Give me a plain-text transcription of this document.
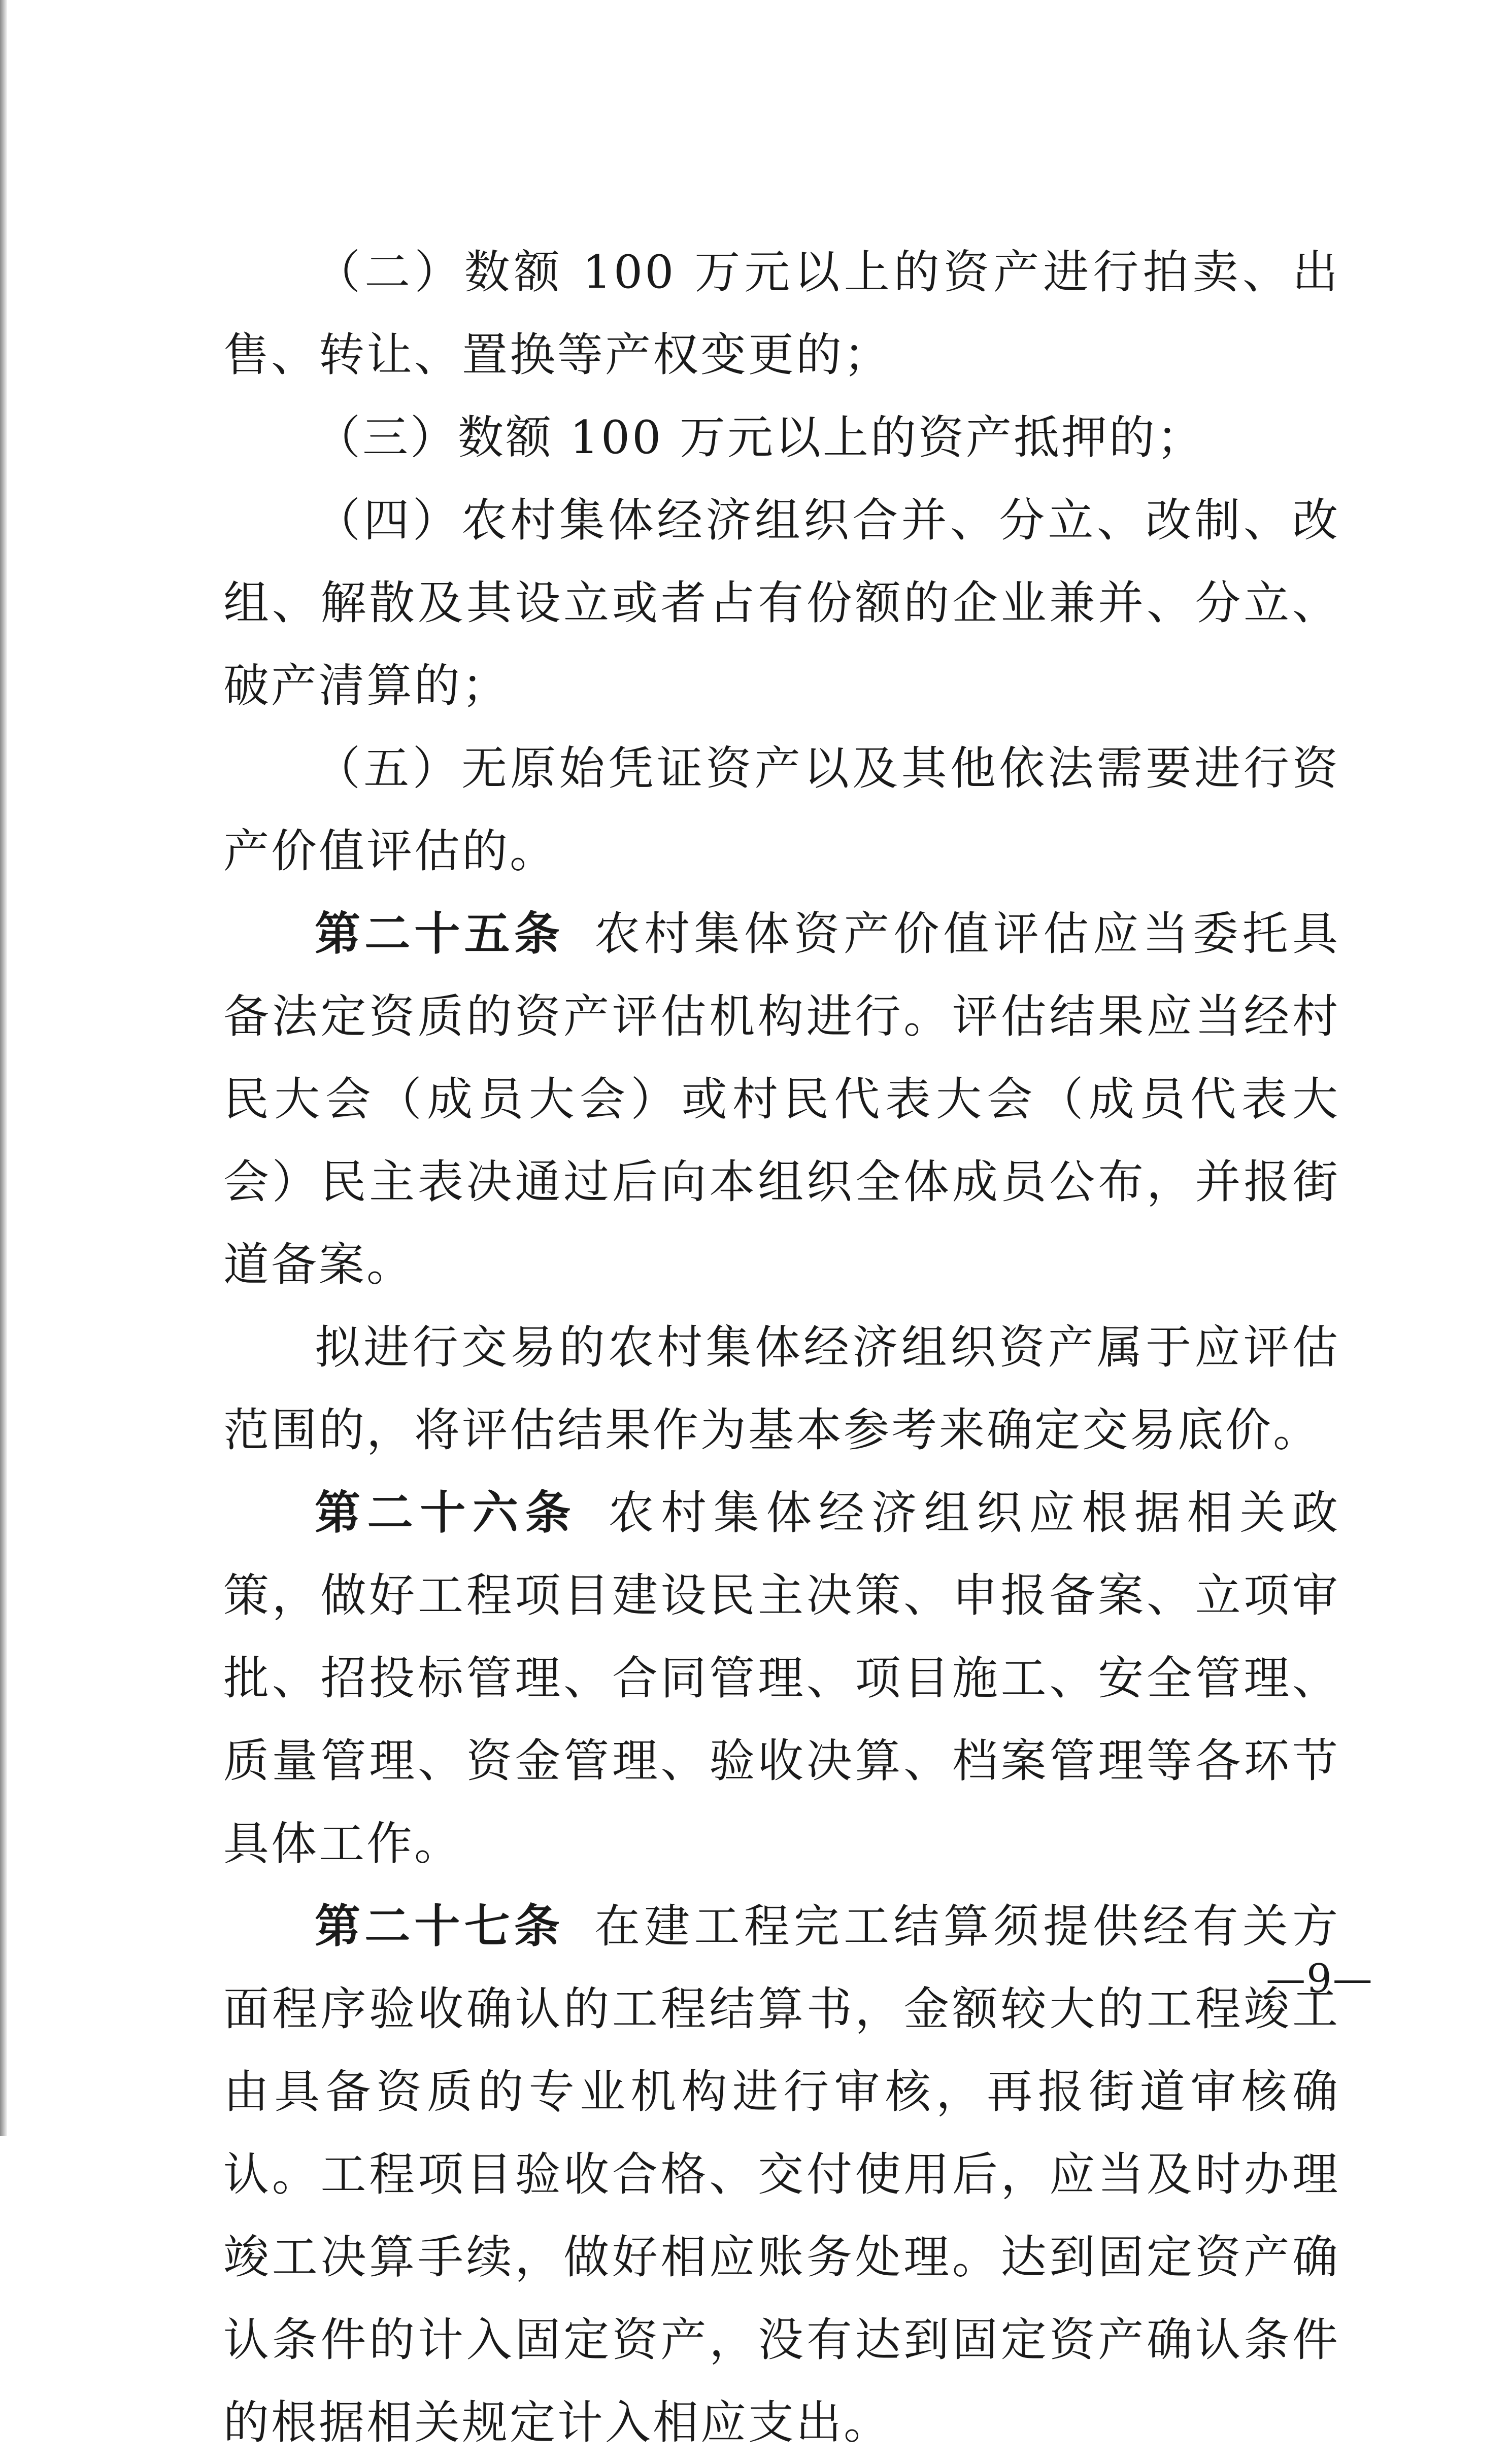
（二）数额 100 万元以上的资产进行拍卖、出售、转让、置换等产权变更的；

（三）数额 100 万元以上的资产抵押的；

（四）农村集体经济组织合并、分立、改制、改组、解散及其设立或者占有份额的企业兼并、分立、破产清算的；

（五）无原始凭证资产以及其他依法需要进行资产价值评估的。

第二十五条 农村集体资产价值评估应当委托具备法定资质的资产评估机构进行。评估结果应当经村民大会（成员大会）或村民代表大会（成员代表大会）民主表决通过后向本组织全体成员公布，并报街道备案。

拟进行交易的农村集体经济组织资产属于应评估范围的，将评估结果作为基本参考来确定交易底价。

第二十六条 农村集体经济组织应根据相关政策，做好工程项目建设民主决策、申报备案、立项审批、招投标管理、合同管理、项目施工、安全管理、质量管理、资金管理、验收决算、档案管理等各环节具体工作。

第二十七条 在建工程完工结算须提供经有关方面程序验收确认的工程结算书，金额较大的工程竣工由具备资质的专业机构进行审核，再报街道审核确认。工程项目验收合格、交付使用后，应当及时办理竣工决算手续，做好相应账务处理。达到固定资产确认条件的计入固定资产，没有达到固定资产确认条件的根据相关规定计入相应支出。

—9—
